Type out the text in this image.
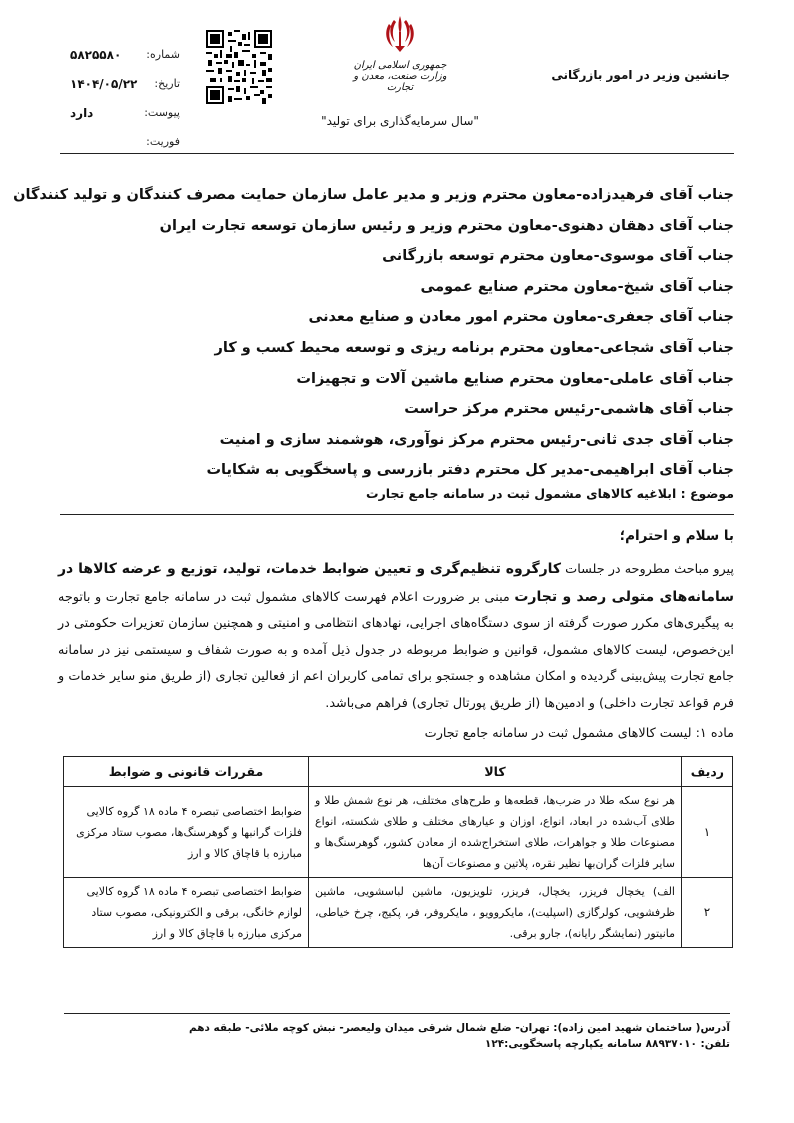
جانشین وزیر در امور بازرگانی
جمهوری اسلامی ایران
وزارت صنعت، معدن و تجارت
"سال سرمایه‌گذاری برای تولید"
شماره:
۵۸۲۵۵۸۰
تاریخ:
۱۴۰۴/۰۵/۲۲
پیوست:
دارد
فوریت:
جناب آقای فرهیدزاده-معاون محترم وزیر و مدیر عامل سازمان حمایت مصرف کنندگان و تولید کنندگان
جناب آقای دهقان دهنوی-معاون محترم وزیر و رئیس سازمان توسعه تجارت ایران
جناب آقای موسوی-معاون محترم توسعه بازرگانی
جناب آقای شیخ-معاون محترم صنایع عمومی
جناب آقای جعفری-معاون محترم امور معادن و صنایع معدنی
جناب آقای شجاعی-معاون محترم برنامه ریزی و توسعه محیط کسب و کار
جناب آقای عاملی-معاون محترم صنایع ماشین آلات و تجهیزات
جناب آقای هاشمی-رئیس محترم مرکز حراست
جناب آقای جدی ثانی-رئیس محترم مرکز نوآوری، هوشمند سازی و امنیت
جناب آقای ابراهیمی-مدیر کل محترم دفتر بازرسی و پاسخگویی به شکایات
موضوع : ابلاغیه کالاهای مشمول ثبت در سامانه جامع تجارت
با سلام و احترام؛
پیرو مباحث مطروحه در جلسات کارگروه تنظیم‌گری و تعیین ضوابط خدمات، تولید، توزیع و عرضه کالاها در سامانه‌های متولی رصد و تجارت مبنی بر ضرورت اعلام فهرست کالاهای مشمول ثبت در سامانه جامع تجارت و باتوجه به پیگیری‌های مکرر صورت گرفته از سوی دستگاه‌های اجرایی، نهادهای انتظامی و امنیتی و همچنین سازمان تعزیرات حکومتی در این‌خصوص، لیست کالاهای مشمول، قوانین و ضوابط مربوطه در جدول ذیل آمده و به صورت شفاف و سیستمی نیز در سامانه جامع تجارت پیش‌بینی گردیده و امکان مشاهده و جستجو برای تمامی کاربران اعم از فعالین تجاری (از طریق منو سایر خدمات و فرم قواعد تجارت داخلی) و ادمین‌ها (از طریق پورتال تجاری) فراهم می‌باشد.
ماده ۱: لیست کالاهای مشمول ثبت در سامانه جامع تجارت
ردیف	کالا	مقررات قانونی و ضوابط
۱	هر نوع سکه طلا در ضرب‌ها، قطعه‌ها و طرح‌های مختلف، هر نوع شمش طلا و طلای آب‌شده در ابعاد، انواع، اوزان و عیارهای مختلف و طلای شکسته، انواع مصنوعات طلا و جواهرات، طلای استخراج‌شده از معادن کشور، گوهرسنگ‌ها و سایر فلزات گران‌بها نظیر نقره، پلاتین و مصنوعات آن‌ها	ضوابط اختصاصی تبصره ۴ ماده ۱۸ گروه کالایی فلزات گرانبها و گوهرسنگ‌ها، مصوب ستاد مرکزی مبارزه با قاچاق کالا و ارز
۲	الف) یخچال فریزر، یخچال، فریزر، تلویزیون، ماشین لباسشویی، ماشین ظرفشویی، کولرگازی (اسپلیت)، مایکروویو ، مایکروفر، فر، پکیج، چرخ خیاطی، مانیتور (نمایشگر رایانه)، جارو برقی.	ضوابط اختصاصی تبصره ۴ ماده ۱۸ گروه کالایی لوازم خانگی، برقی و الکترونیکی، مصوب ستاد مرکزی مبارزه با قاچاق کالا و ارز
آدرس( ساختمان شهید امین زاده): تهران- ضلع شمال شرقی میدان ولیعصر- نبش کوچه ملائی- طبقه دهم
تلفن: ۸۸۹۳۷۰۱۰ سامانه یکپارچه پاسخگویی:۱۲۴
